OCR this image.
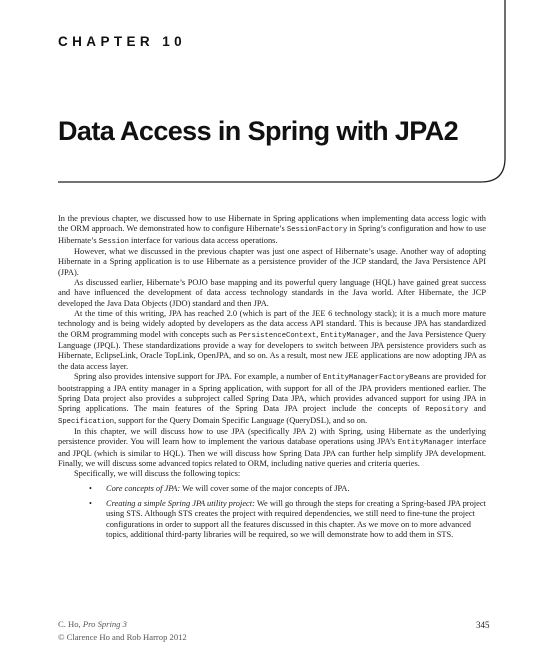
CHAPTER 10
Data Access in Spring with JPA2

In the previous chapter, we discussed how to use Hibernate in Spring applications when implementing data access logic with the ORM approach. We demonstrated how to configure Hibernate’s SessionFactory in Spring’s configuration and how to use Hibernate’s Session interface for various data access operations.

However, what we discussed in the previous chapter was just one aspect of Hibernate’s usage. Another way of adopting Hibernate in a Spring application is to use Hibernate as a persistence provider of the JCP standard, the Java Persistence API (JPA).

As discussed earlier, Hibernate’s POJO base mapping and its powerful query language (HQL) have gained great success and have influenced the development of data access technology standards in the Java world. After Hibernate, the JCP developed the Java Data Objects (JDO) standard and then JPA.

At the time of this writing, JPA has reached 2.0 (which is part of the JEE 6 technology stack); it is a much more mature technology and is being widely adopted by developers as the data access API standard. This is because JPA has standardized the ORM programming model with concepts such as PersistenceContext, EntityManager, and the Java Persistence Query Language (JPQL). These standardizations provide a way for developers to switch between JPA persistence providers such as Hibernate, EclipseLink, Oracle TopLink, OpenJPA, and so on. As a result, most new JEE applications are now adopting JPA as the data access layer.

Spring also provides intensive support for JPA. For example, a number of EntityManagerFactoryBeans are provided for bootstrapping a JPA entity manager in a Spring application, with support for all of the JPA providers mentioned earlier. The Spring Data project also provides a subproject called Spring Data JPA, which provides advanced support for using JPA in Spring applications. The main features of the Spring Data JPA project include the concepts of Repository and Specification, support for the Query Domain Specific Language (QueryDSL), and so on.

In this chapter, we will discuss how to use JPA (specifically JPA 2) with Spring, using Hibernate as the underlying persistence provider. You will learn how to implement the various database operations using JPA’s EntityManager interface and JPQL (which is similar to HQL). Then we will discuss how Spring Data JPA can further help simplify JPA development. Finally, we will discuss some advanced topics related to ORM, including native queries and criteria queries.

Specifically, we will discuss the following topics:

• Core concepts of JPA: We will cover some of the major concepts of JPA.
• Creating a simple Spring JPA utility project: We will go through the steps for creating a Spring-based JPA project using STS. Although STS creates the project with required dependencies, we still need to fine-tune the project configurations in order to support all the features discussed in this chapter. As we move on to more advanced topics, additional third-party libraries will be required, so we will demonstrate how to add them in STS.
C. Ho, Pro Spring 3
© Clarence Ho and Rob Harrop 2012
345
